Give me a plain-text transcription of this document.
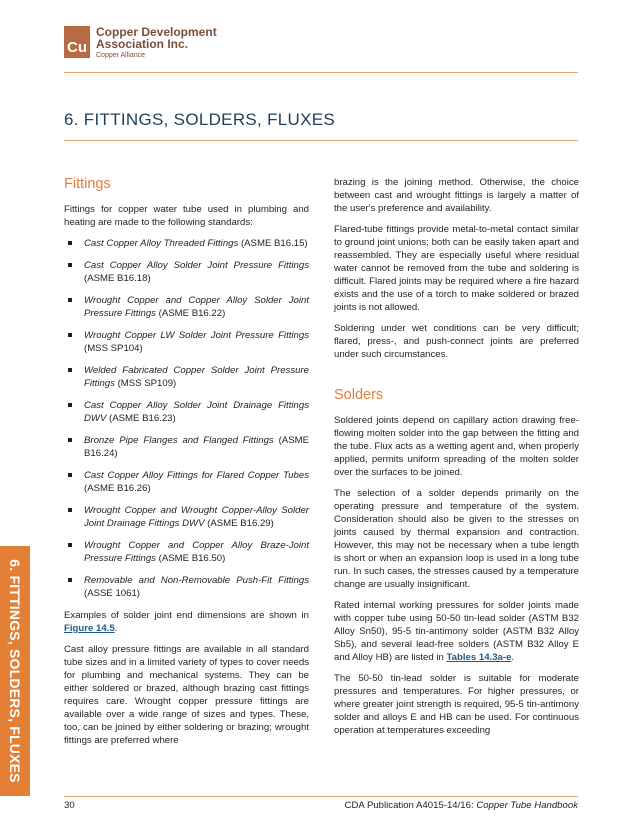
Cu
Copper Development
Association Inc.
Copper Alliance
6. FITTINGS, SOLDERS, FLUXES
6. FITTINGS, SOLDERS, FLUXES
Fittings

Fittings for copper water tube used in plumbing and heating are made to the following standards:

Cast Copper Alloy Threaded Fittings (ASME B16.15)
Cast Copper Alloy Solder Joint Pressure Fittings (ASME B16.18)
Wrought Copper and Copper Alloy Solder Joint Pressure Fittings (ASME B16.22)
Wrought Copper LW Solder Joint Pressure Fittings (MSS SP104)
Welded Fabricated Copper Solder Joint Pressure Fittings (MSS SP109)
Cast Copper Alloy Solder Joint Drainage Fittings DWV (ASME B16.23)
Bronze Pipe Flanges and Flanged Fittings (ASME B16.24)
Cast Copper Alloy Fittings for Flared Copper Tubes (ASME B16.26)
Wrought Copper and Wrought Copper-Alloy Solder Joint Drainage Fittings DWV (ASME B16.29)
Wrought Copper and Copper Alloy Braze-Joint Pressure Fittings (ASME B16.50)
Removable and Non-Removable Push-Fit Fittings (ASSE 1061)

Examples of solder joint end dimensions are shown in Figure 14.5.

Cast alloy pressure fittings are available in all standard tube sizes and in a limited variety of types to cover needs for plumbing and mechanical systems. They can be either soldered or brazed, although brazing cast fittings requires care. Wrought copper pressure fittings are available over a wide range of sizes and types. These, too, can be joined by either soldering or brazing; wrought fittings are preferred where

brazing is the joining method. Otherwise, the choice between cast and wrought fittings is largely a matter of the user's preference and availability.

Flared-tube fittings provide metal-to-metal contact similar to ground joint unions; both can be easily taken apart and reassembled. They are especially useful where residual water cannot be removed from the tube and soldering is difficult. Flared joints may be required where a fire hazard exists and the use of a torch to make soldered or brazed joints is not allowed.

Soldering under wet conditions can be very difficult; flared, press-, and push-connect joints are preferred under such circumstances.

Solders

Soldered joints depend on capillary action drawing free-flowing molten solder into the gap between the fitting and the tube. Flux acts as a wetting agent and, when properly applied, permits uniform spreading of the molten solder over the surfaces to be joined.

The selection of a solder depends primarily on the operating pressure and temperature of the system. Consideration should also be given to the stresses on joints caused by thermal expansion and contraction. However, this may not be necessary when a tube length is short or when an expansion loop is used in a long tube run. In such cases, the stresses caused by a temperature change are usually insignificant.

Rated internal working pressures for solder joints made with copper tube using 50-50 tin-lead solder (ASTM B32 Alloy Sn50), 95-5 tin-antimony solder (ASTM B32 Alloy Sb5), and several lead-free solders (ASTM B32 Alloy E and Alloy HB) are listed in Tables 14.3a-e.

The 50-50 tin-lead solder is suitable for moderate pressures and temperatures. For higher pressures, or where greater joint strength is required, 95-5 tin-antimony solder and alloys E and HB can be used. For continuous operation at temperatures exceeding

30	CDA Publication A4015-14/16: Copper Tube Handbook
